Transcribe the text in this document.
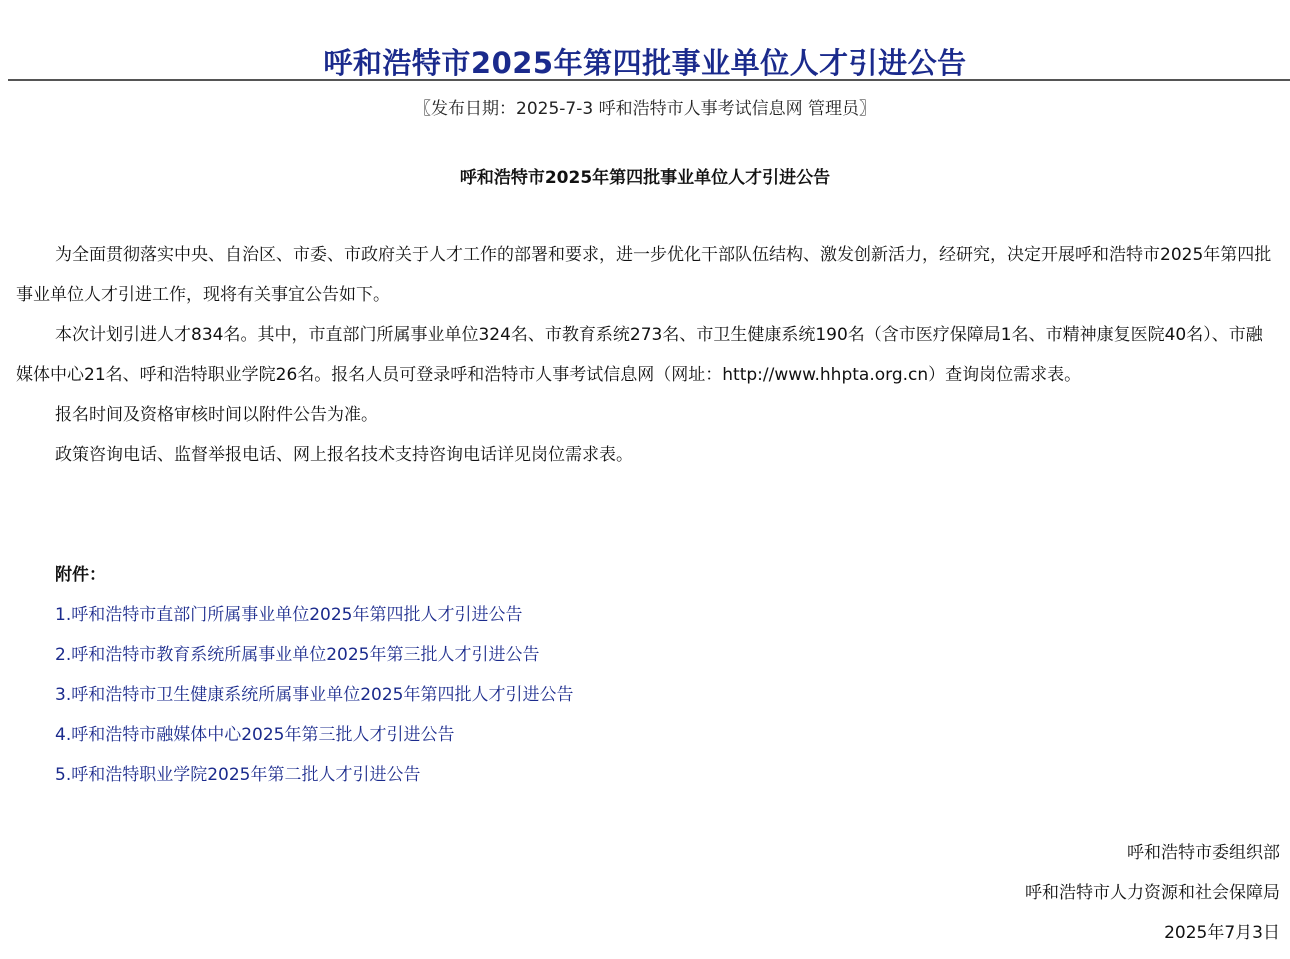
呼和浩特市2025年第四批事业单位人才引进公告
〖发布日期：2025-7-3 呼和浩特市人事考试信息网 管理员〗
呼和浩特市2025年第四批事业单位人才引进公告

为全面贯彻落实中央、自治区、市委、市政府关于人才工作的部署和要求，进一步优化干部队伍结构、激发创新活力，经研究，决定开展呼和浩特市2025年第四批事业单位人才引进工作，现将有关事宜公告如下。

本次计划引进人才834名。其中，市直部门所属事业单位324名、市教育系统273名、市卫生健康系统190名（含市医疗保障局1名、市精神康复医院40名）、市融媒体中心21名、呼和浩特职业学院26名。报名人员可登录呼和浩特市人事考试信息网（网址：http://www.hhpta.org.cn）查询岗位需求表。

报名时间及资格审核时间以附件公告为准。

政策咨询电话、监督举报电话、网上报名技术支持咨询电话详见岗位需求表。

附件：
1.呼和浩特市直部门所属事业单位2025年第四批人才引进公告
2.呼和浩特市教育系统所属事业单位2025年第三批人才引进公告
3.呼和浩特市卫生健康系统所属事业单位2025年第四批人才引进公告
4.呼和浩特市融媒体中心2025年第三批人才引进公告
5.呼和浩特职业学院2025年第二批人才引进公告
呼和浩特市委组织部
呼和浩特市人力资源和社会保障局
2025年7月3日
